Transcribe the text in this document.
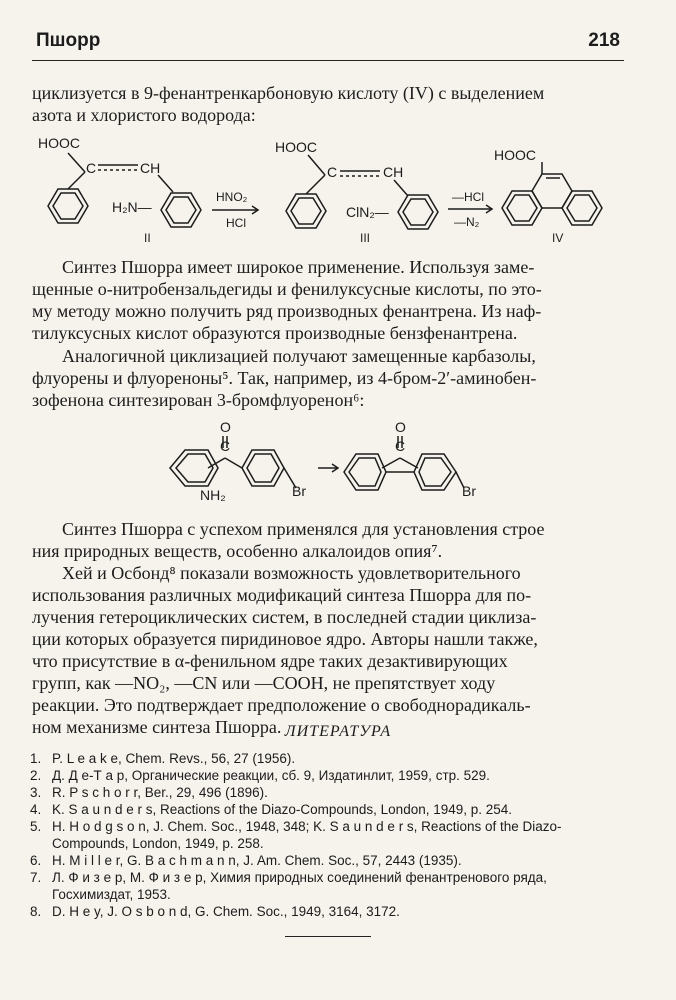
Пшорр	218
циклизуется в 9-фенантренкарбоновую кислоту (IV) с выделением
азота и хлористого водорода:
HOOC
C	CH
H₂N—
II
HNO₂
HCl
HOOC
C	CH
ClN₂—
III
—HCl
—N₂
HOOC
IV
Синтез Пшорра имеет широкое применение. Используя заме-
щенные о-нитробензальдегиды и фенилуксусные кислоты, по это-
му методу можно получить ряд производных фенантрена. Из наф-
тилуксусных кислот образуются производные бензфенантрена.
Аналогичной циклизацией получают замещенные карбазолы,
флуорены и флуореноны⁵. Так, например, из 4-бром-2′-аминобен-
зофенона синтезирован 3-бромфлуоренон⁶:
O
C
NH₂	Br
O
C
Br
Синтез Пшорра с успехом применялся для установления строе
ния природных веществ, особенно алкалоидов опия⁷.
Хей и Осбонд⁸ показали возможность удовлетворительного
использования различных модификаций синтеза Пшорра для по-
лучения гетероциклических систем, в последней стадии циклиза-
ции которых образуется пиридиновое ядро. Авторы нашли также,
что присутствие в α-фенильном ядре таких дезактивирующих
групп, как —NO₂, —CN или —COOH, не препятствует ходу
реакции. Это подтверждает предположение о свободнорадикаль-
ном механизме синтеза Пшорра. ЛИТЕРАТУРА
1. P. L e a k e, Chem. Revs., 56, 27 (1956).
2. Д. Д е-Т а р, Органические реакции, сб. 9, Издатинлит, 1959, стр. 529.
3. R. P s c h o r r, Ber., 29, 496 (1896).
4. K. S a u n d e r s, Reactions of the Diazo-Compounds, London, 1949, p. 254.
5. H. H o d g s o n, J. Chem. Soc., 1948, 348; K. S a u n d e r s, Reactions of the Diazo-Compounds, London, 1949, p. 258.
6. H. M i l l e r, G. B a c h m a n n, J. Am. Chem. Soc., 57, 2443 (1935).
7. Л. Ф и з е р, М. Ф и з е р, Химия природных соединений фенантренового ряда, Госхимиздат, 1953.
8. D. H e y, J. O s b o n d, G. Chem. Soc., 1949, 3164, 3172.
